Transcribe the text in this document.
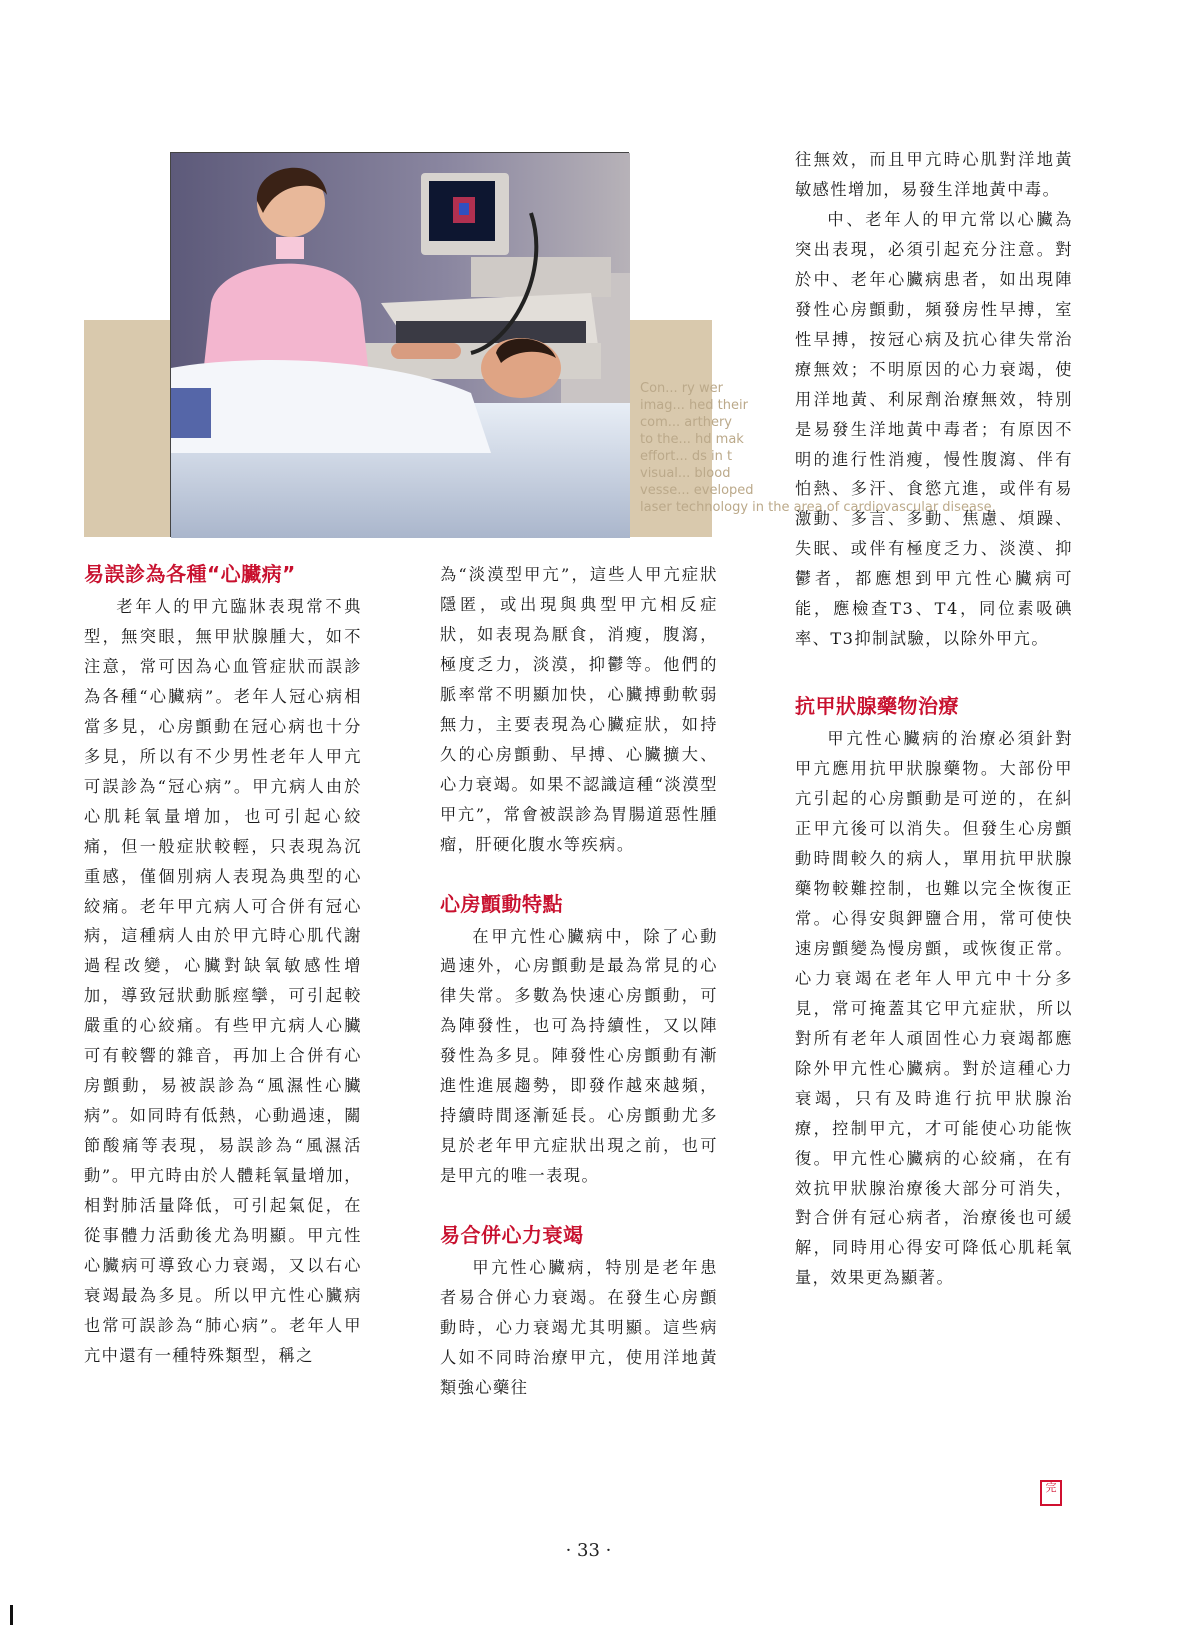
Con... ry wer
imag... hed their
com... arthery
to the... hd mak
effort... ds in t
visual... blood
vesse... eveloped
laser technology in the area of cardiovascular disease.
易誤診為各種“心臟病”

老年人的甲亢臨牀表現常不典型，無突眼，無甲狀腺腫大，如不注意，常可因為心血管症狀而誤診為各種“心臟病”。老年人冠心病相當多見，心房顫動在冠心病也十分多見，所以有不少男性老年人甲亢可誤診為“冠心病”。甲亢病人由於心肌耗氧量增加，也可引起心絞痛，但一般症狀較輕，只表現為沉重感，僅個別病人表現為典型的心絞痛。老年甲亢病人可合併有冠心病，這種病人由於甲亢時心肌代謝過程改變，心臟對缺氧敏感性增加，導致冠狀動脈痙攣，可引起較嚴重的心絞痛。有些甲亢病人心臟可有較響的雜音，再加上合併有心房顫動，易被誤診為“風濕性心臟病”。如同時有低熱，心動過速，關節酸痛等表現，易誤診為“風濕活動”。甲亢時由於人體耗氧量增加，相對肺活量降低，可引起氣促，在從事體力活動後尤為明顯。甲亢性心臟病可導致心力衰竭，又以右心衰竭最為多見。所以甲亢性心臟病也常可誤診為“肺心病”。老年人甲亢中還有一種特殊類型，稱之

為“淡漠型甲亢”，這些人甲亢症狀隱匿，或出現與典型甲亢相反症狀，如表現為厭食，消瘦，腹瀉，極度乏力，淡漠，抑鬱等。他們的脈率常不明顯加快，心臟搏動軟弱無力，主要表現為心臟症狀，如持久的心房顫動、早搏、心臟擴大、心力衰竭。如果不認識這種“淡漠型甲亢”，常會被誤診為胃腸道惡性腫瘤，肝硬化腹水等疾病。

心房顫動特點

在甲亢性心臟病中，除了心動過速外，心房顫動是最為常見的心律失常。多數為快速心房顫動，可為陣發性，也可為持續性，又以陣發性為多見。陣發性心房顫動有漸進性進展趨勢，即發作越來越頻，持續時間逐漸延長。心房顫動尤多見於老年甲亢症狀出現之前，也可是甲亢的唯一表現。

易合併心力衰竭

甲亢性心臟病，特別是老年患者易合併心力衰竭。在發生心房顫動時，心力衰竭尤其明顯。這些病人如不同時治療甲亢，使用洋地黃類強心藥往

往無效，而且甲亢時心肌對洋地黃敏感性增加，易發生洋地黃中毒。

中、老年人的甲亢常以心臟為突出表現，必須引起充分注意。對於中、老年心臟病患者，如出現陣發性心房顫動，頻發房性早搏，室性早搏，按冠心病及抗心律失常治療無效；不明原因的心力衰竭，使用洋地黃、利尿劑治療無效，特別是易發生洋地黃中毒者；有原因不明的進行性消瘦，慢性腹瀉、伴有怕熱、多汗、食慾亢進，或伴有易激動、多言、多動、焦慮、煩躁、失眠、或伴有極度乏力、淡漠、抑鬱者，都應想到甲亢性心臟病可能，應檢查T3、T4，同位素吸碘率、T3抑制試驗，以除外甲亢。

抗甲狀腺藥物治療

甲亢性心臟病的治療必須針對甲亢應用抗甲狀腺藥物。大部份甲亢引起的心房顫動是可逆的，在糾正甲亢後可以消失。但發生心房顫動時間較久的病人，單用抗甲狀腺藥物較難控制，也難以完全恢復正常。心得安與鉀鹽合用，常可使快速房顫變為慢房顫，或恢復正常。心力衰竭在老年人甲亢中十分多見，常可掩蓋其它甲亢症狀，所以對所有老年人頑固性心力衰竭都應除外甲亢性心臟病。對於這種心力衰竭，只有及時進行抗甲狀腺治療，控制甲亢，才可能使心功能恢復。甲亢性心臟病的心絞痛，在有效抗甲狀腺治療後大部分可消失，對合併有冠心病者，治療後也可緩解，同時用心得安可降低心肌耗氧量，效果更為顯著。

完
· 33 ·
